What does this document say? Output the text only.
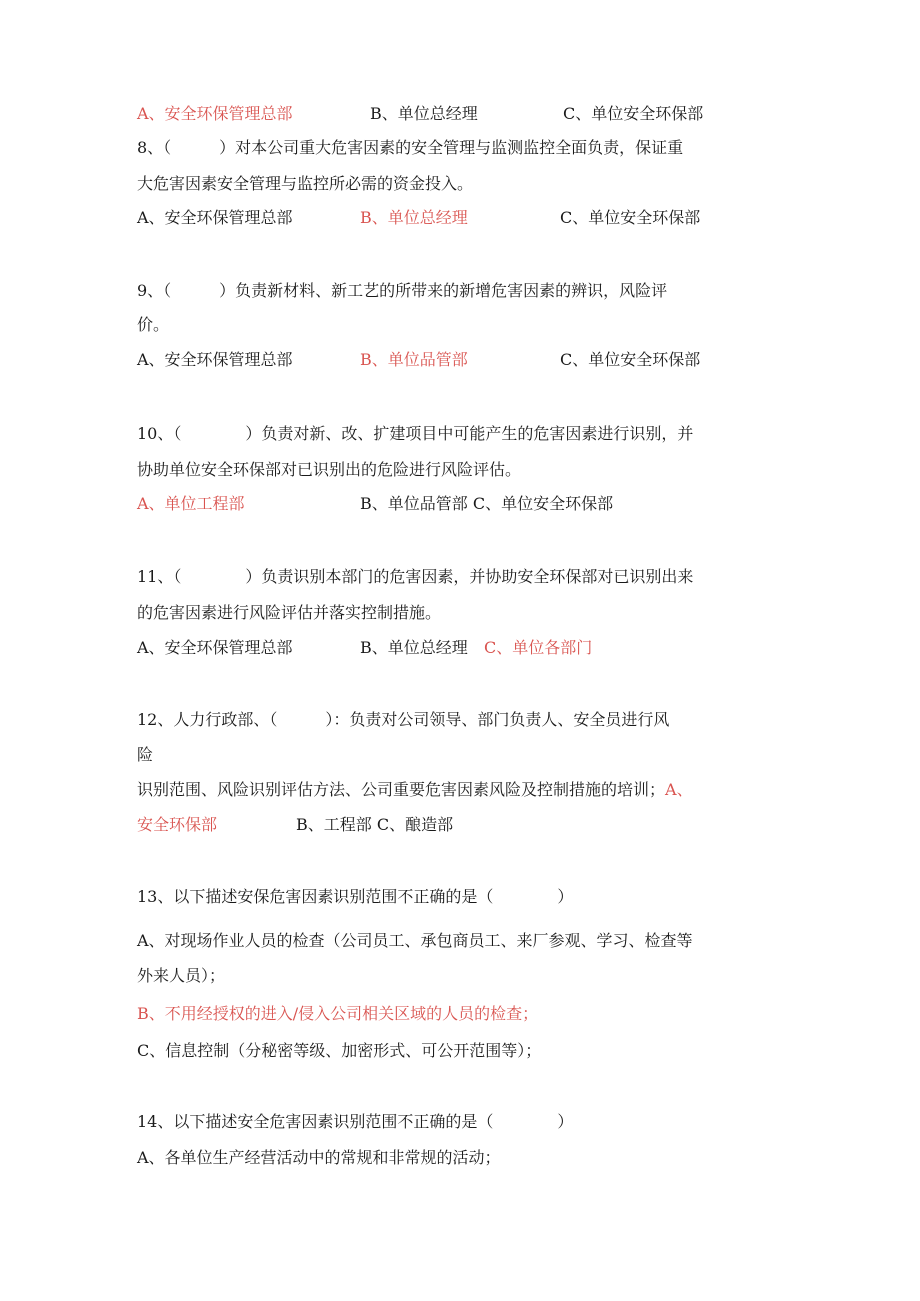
A、安全环保管理总部	B、单位总经理	C、单位安全环保部
8、（　　　）对本公司重大危害因素的安全管理与监测监控全面负责，保证重
大危害因素安全管理与监控所必需的资金投入。
A、安全环保管理总部	B、单位总经理	C、单位安全环保部
9、（　　　）负责新材料、新工艺的所带来的新增危害因素的辨识，风险评
价。
A、安全环保管理总部	B、单位品管部	C、单位安全环保部
10、（　　　　）负责对新、改、扩建项目中可能产生的危害因素进行识别，并
协助单位安全环保部对已识别出的危险进行风险评估。
A、单位工程部	B、单位品管部 C、单位安全环保部
11、（　　　　）负责识别本部门的危害因素，并协助安全环保部对已识别出来
的危害因素进行风险评估并落实控制措施。
A、安全环保管理总部	B、单位总经理 C、单位各部门
12、人力行政部、（　　　）：负责对公司领导、部门负责人、安全员进行风
险
识别范围、风险识别评估方法、公司重要危害因素风险及控制措施的培训；A、
安全环保部	B、工程部 C、酿造部
13、以下描述安保危害因素识别范围不正确的是（　　　　）
A、对现场作业人员的检查（公司员工、承包商员工、来厂参观、学习、检查等
外来人员）；
B、不用经授权的进入/侵入公司相关区域的人员的检查；
C、信息控制（分秘密等级、加密形式、可公开范围等）；
14、以下描述安全危害因素识别范围不正确的是（　　　　）
A、各单位生产经营活动中的常规和非常规的活动；
